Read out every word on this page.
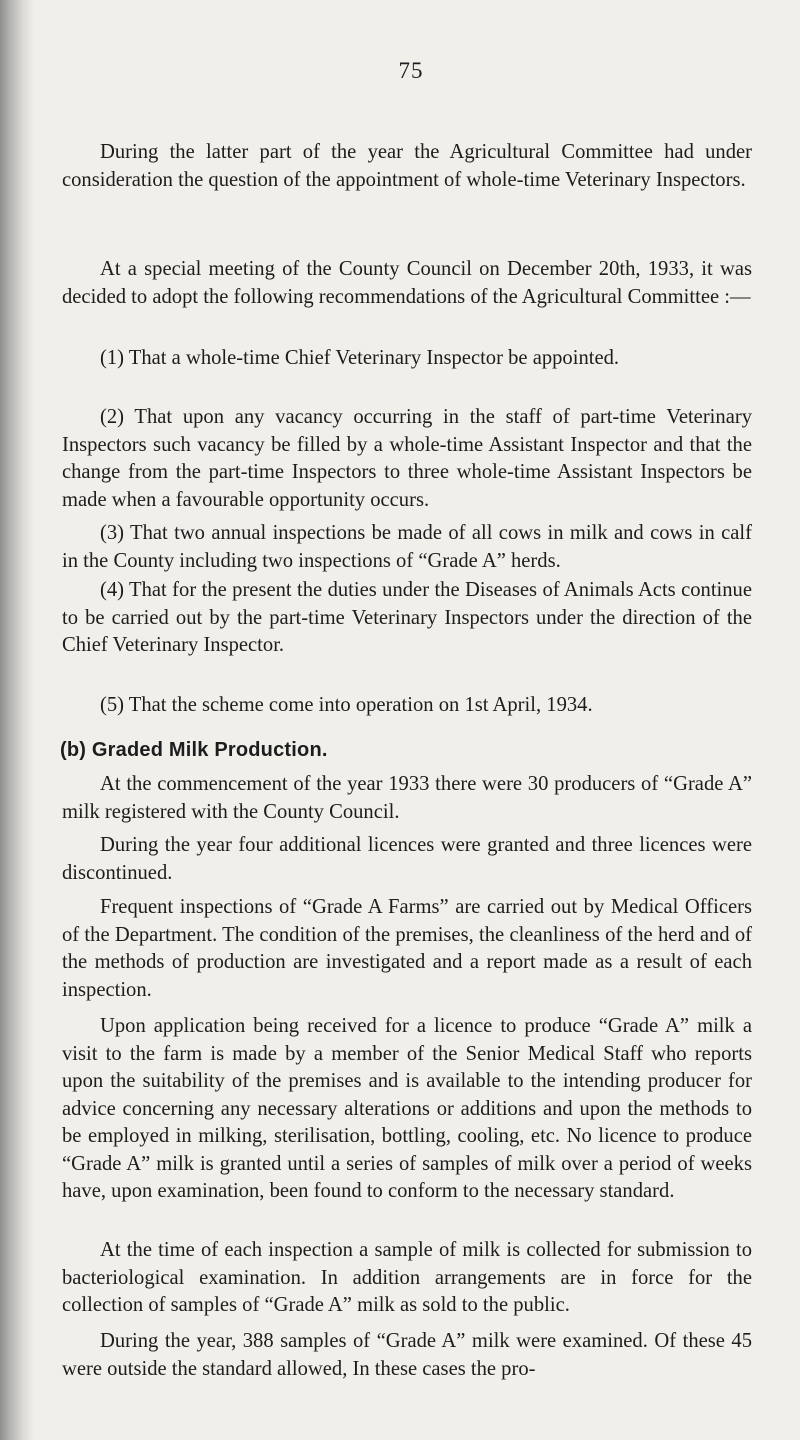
75

During the latter part of the year the Agricultural Committee had under consideration the question of the appointment of whole-time Veterinary Inspectors.

At a special meeting of the County Council on December 20th, 1933, it was decided to adopt the following recommendations of the Agricultural Committee :—

(1) That a whole-time Chief Veterinary Inspector be appointed.

(2) That upon any vacancy occurring in the staff of part-time Veterinary Inspectors such vacancy be filled by a whole-time Assistant Inspector and that the change from the part-time Inspectors to three whole-time Assistant Inspectors be made when a favourable opportunity occurs.

(3) That two annual inspections be made of all cows in milk and cows in calf in the County including two inspections of “Grade A” herds.

(4) That for the present the duties under the Diseases of Animals Acts continue to be carried out by the part-time Veterinary Inspectors under the direction of the Chief Veterinary Inspector.

(5) That the scheme come into operation on 1st April, 1934.

(b) Graded Milk Production.

At the commencement of the year 1933 there were 30 producers of “Grade A” milk registered with the County Council.

During the year four additional licences were granted and three licences were discontinued.

Frequent inspections of “Grade A Farms” are carried out by Medical Officers of the Department. The condition of the premises, the cleanliness of the herd and of the methods of production are investigated and a report made as a result of each inspection.

Upon application being received for a licence to produce “Grade A” milk a visit to the farm is made by a member of the Senior Medical Staff who reports upon the suitability of the premises and is available to the intending producer for advice concerning any necessary alterations or additions and upon the methods to be employed in milking, sterilisation, bottling, cooling, etc. No licence to produce “Grade A” milk is granted until a series of samples of milk over a period of weeks have, upon examination, been found to conform to the necessary standard.

At the time of each inspection a sample of milk is collected for submission to bacteriological examination. In addition arrangements are in force for the collection of samples of “Grade A” milk as sold to the public.

During the year, 388 samples of “Grade A” milk were examined. Of these 45 were outside the standard allowed, In these cases the pro-
